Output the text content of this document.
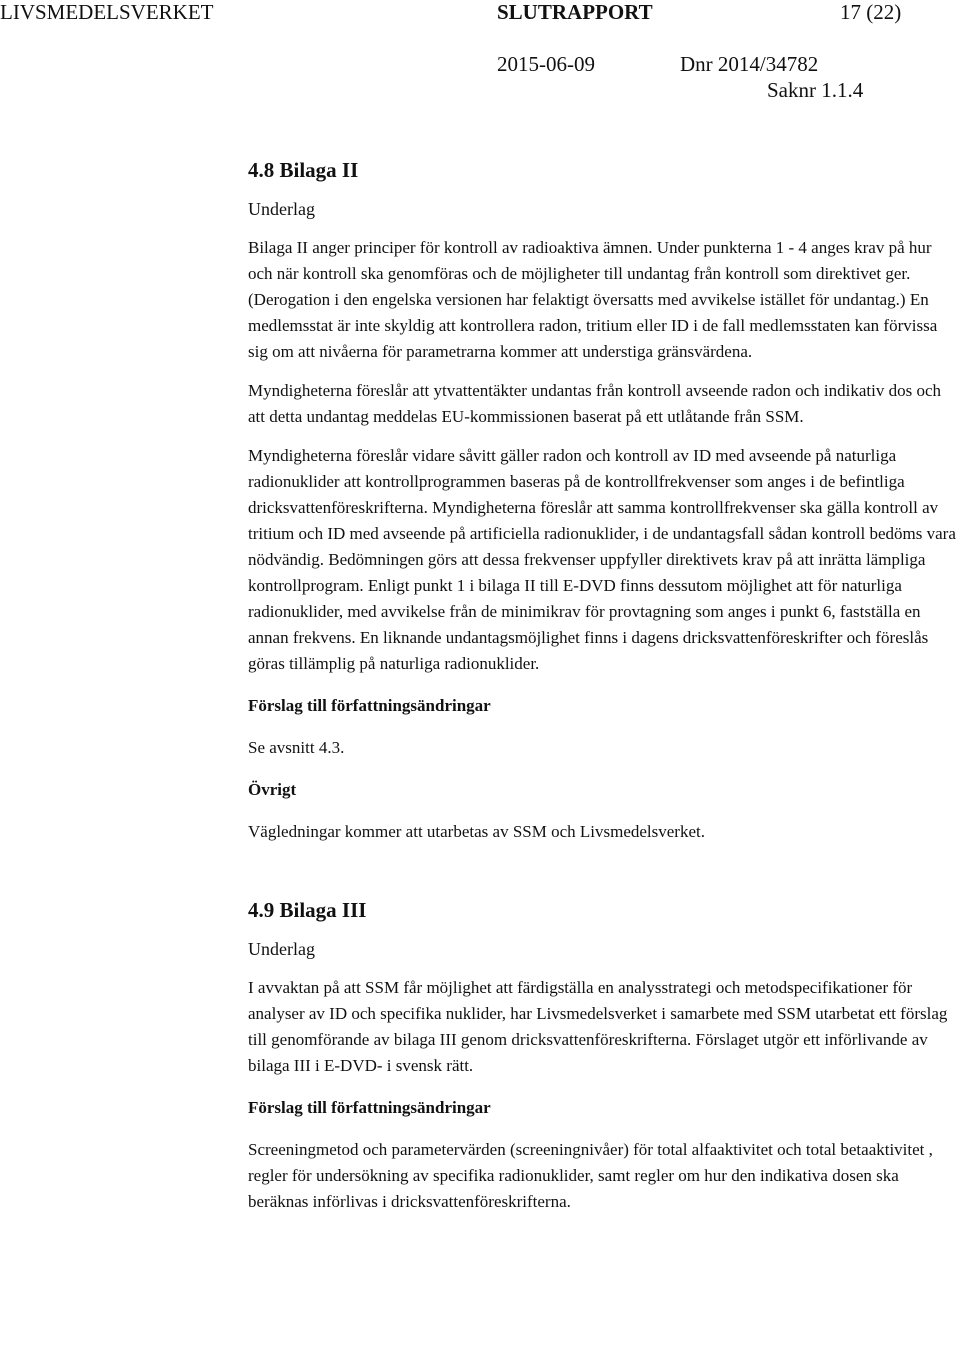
LIVSMEDELSVERKET	SLUTRAPPORT	17 (22)
2015-06-09	Dnr 2014/34782
Saknr 1.1.4

4.8 Bilaga II

Underlag

Bilaga II anger principer för kontroll av radioaktiva ämnen. Under punkterna 1 - 4 anges krav på hur och när kontroll ska genomföras och de möjligheter till undantag från kontroll som direktivet ger. (Derogation i den engelska versionen har felaktigt översatts med avvikelse istället för undantag.) En medlemsstat är inte skyldig att kontrollera radon, tritium eller ID i de fall medlemsstaten kan förvissa sig om att nivåerna för parametrarna kommer att understiga gränsvärdena.

Myndigheterna föreslår att ytvattentäkter undantas från kontroll avseende radon och indikativ dos och att detta undantag meddelas EU-kommissionen baserat på ett utlåtande från SSM.

Myndigheterna föreslår vidare såvitt gäller radon och kontroll av ID med avseende på naturliga radionuklider att kontrollprogrammen baseras på de kontrollfrekvenser som anges i de befintliga dricksvattenföreskrifterna. Myndigheterna föreslår att samma kontrollfrekvenser ska gälla kontroll av tritium och ID med avseende på artificiella radionuklider, i de undantagsfall sådan kontroll bedöms vara nödvändig. Bedömningen görs att dessa frekvenser uppfyller direktivets krav på att inrätta lämpliga kontrollprogram. Enligt punkt 1 i bilaga II till E-DVD finns dessutom möjlighet att för naturliga radionuklider, med avvikelse från de minimikrav för provtagning som anges i punkt 6, fastställa en annan frekvens. En liknande undantagsmöjlighet finns i dagens dricksvattenföreskrifter och föreslås göras tillämplig på naturliga radionuklider.

Förslag till författningsändringar

Se avsnitt 4.3.

Övrigt

Vägledningar kommer att utarbetas av SSM och Livsmedelsverket.

4.9 Bilaga III

Underlag

I avvaktan på att SSM får möjlighet att färdigställa en analysstrategi och metodspecifikationer för analyser av ID och specifika nuklider, har Livsmedelsverket i samarbete med SSM utarbetat ett förslag till genomförande av bilaga III genom dricksvattenföreskrifterna. Förslaget utgör ett införlivande av bilaga III i E-DVD- i svensk rätt.

Förslag till författningsändringar

Screeningmetod och parametervärden (screeningnivåer) för total alfaaktivitet och total betaaktivitet , regler för undersökning av specifika radionuklider, samt regler om hur den indikativa dosen ska beräknas införlivas i dricksvattenföreskrifterna.
